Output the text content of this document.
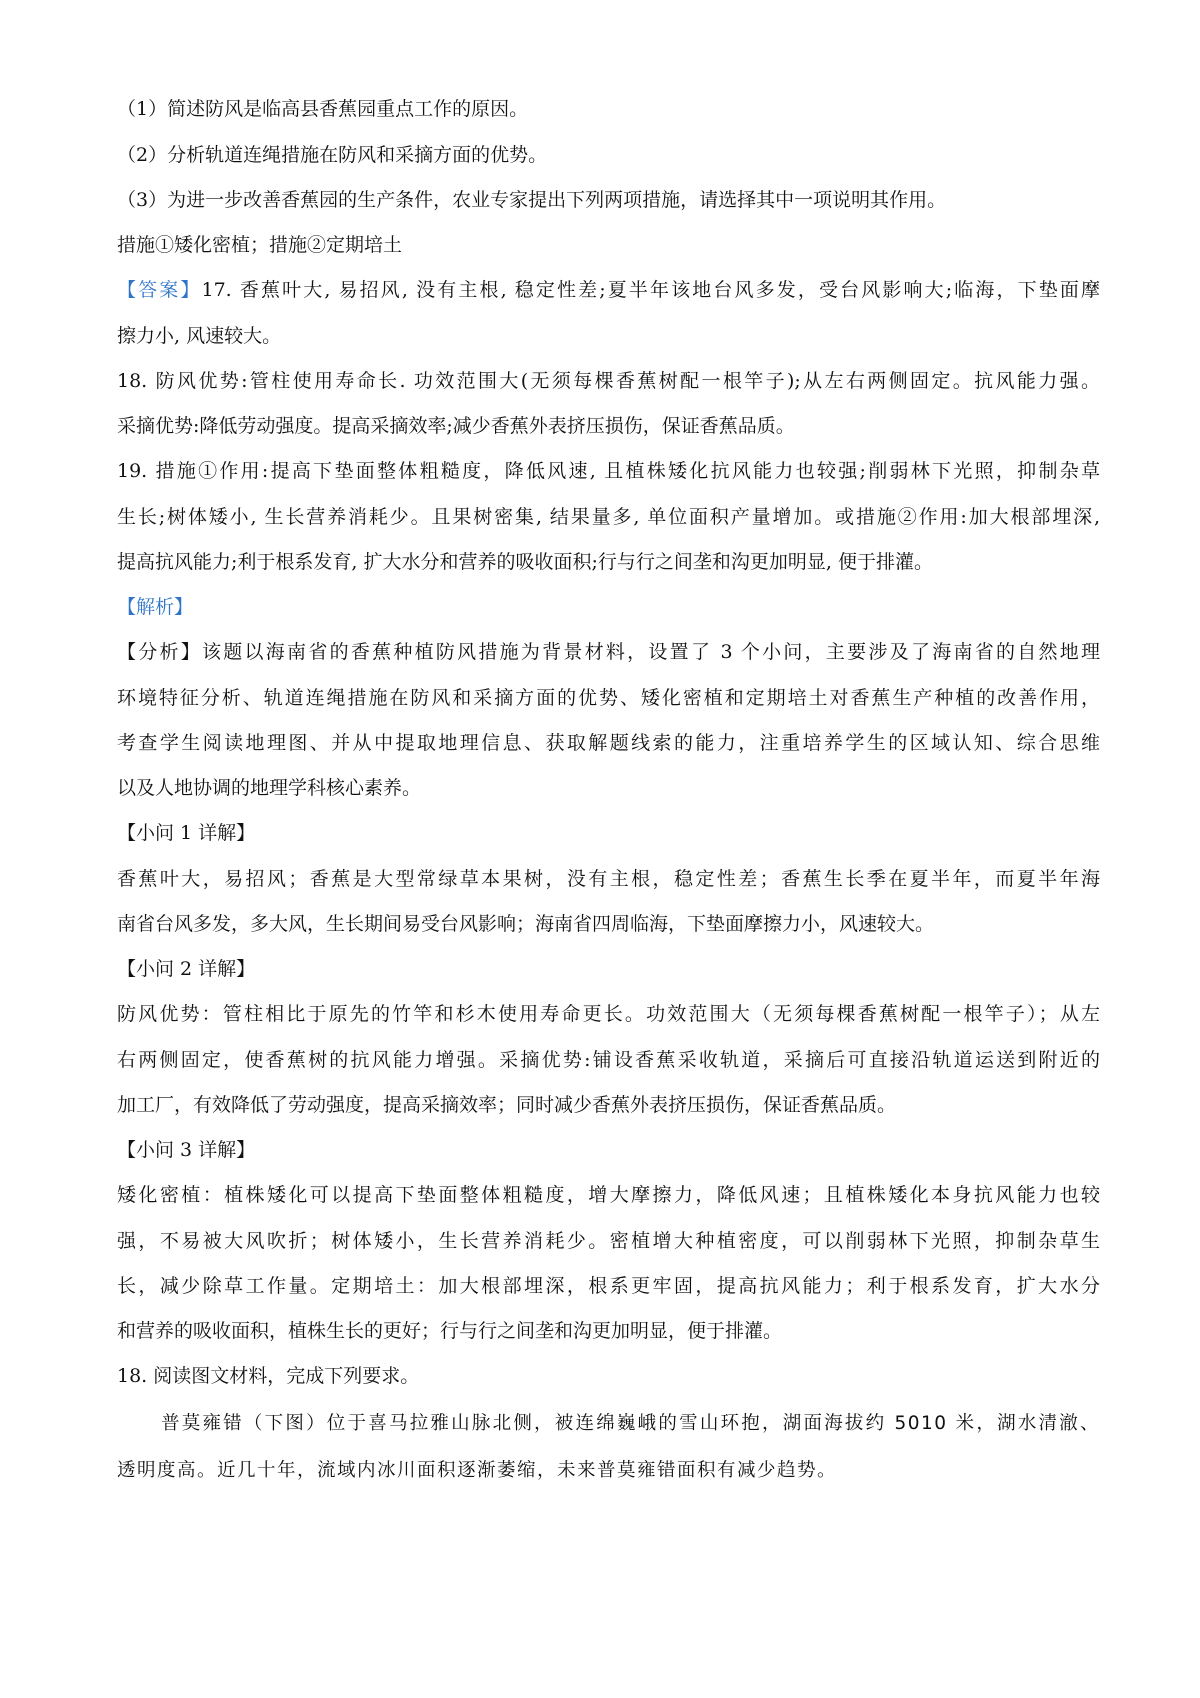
（1）简述防风是临高县香蕉园重点工作的原因。
（2）分析轨道连绳措施在防风和采摘方面的优势。
（3）为进一步改善香蕉园的生产条件，农业专家提出下列两项措施，请选择其中一项说明其作用。
措施①矮化密植；措施②定期培土
【答案】17. 香蕉叶大, 易招风, 没有主根, 稳定性差;夏半年该地台风多发，受台风影响大;临海，下垫面摩
擦力小, 风速较大。
18. 防风优势:管柱使用寿命长. 功效范围大(无须每棵香蕉树配一根竿子);从左右两侧固定。抗风能力强。
采摘优势:降低劳动强度。提高采摘效率;减少香蕉外表挤压损伤，保证香蕉品质。
19. 措施①作用:提高下垫面整体粗糙度，降低风速, 且植株矮化抗风能力也较强;削弱林下光照，抑制杂草
生长;树体矮小, 生长营养消耗少。且果树密集, 结果量多, 单位面积产量增加。或措施②作用:加大根部埋深,
提高抗风能力;利于根系发育, 扩大水分和营养的吸收面积;行与行之间垄和沟更加明显, 便于排灌。
【解析】
【分析】该题以海南省的香蕉种植防风措施为背景材料，设置了 3 个小问，主要涉及了海南省的自然地理
环境特征分析、轨道连绳措施在防风和采摘方面的优势、矮化密植和定期培土对香蕉生产种植的改善作用，
考查学生阅读地理图、并从中提取地理信息、获取解题线索的能力，注重培养学生的区域认知、综合思维
以及人地协调的地理学科核心素养。
【小问 1 详解】
香蕉叶大，易招风；香蕉是大型常绿草本果树，没有主根，稳定性差；香蕉生长季在夏半年，而夏半年海
南省台风多发，多大风，生长期间易受台风影响；海南省四周临海，下垫面摩擦力小，风速较大。
【小问 2 详解】
防风优势：管柱相比于原先的竹竿和杉木使用寿命更长。功效范围大（无须每棵香蕉树配一根竿子）；从左
右两侧固定，使香蕉树的抗风能力增强。采摘优势:铺设香蕉采收轨道，采摘后可直接沿轨道运送到附近的
加工厂，有效降低了劳动强度，提高采摘效率；同时减少香蕉外表挤压损伤，保证香蕉品质。
【小问 3 详解】
矮化密植：植株矮化可以提高下垫面整体粗糙度，增大摩擦力，降低风速；且植株矮化本身抗风能力也较
强，不易被大风吹折；树体矮小，生长营养消耗少。密植增大种植密度，可以削弱林下光照，抑制杂草生
长，减少除草工作量。定期培土：加大根部埋深，根系更牢固，提高抗风能力；利于根系发育，扩大水分
和营养的吸收面积，植株生长的更好；行与行之间垄和沟更加明显，便于排灌。
18. 阅读图文材料，完成下列要求。
普莫雍错（下图）位于喜马拉雅山脉北侧，被连绵巍峨的雪山环抱，湖面海拔约 5010 米，湖水清澈、
透明度高。近几十年，流域内冰川面积逐渐萎缩，未来普莫雍错面积有减少趋势。
